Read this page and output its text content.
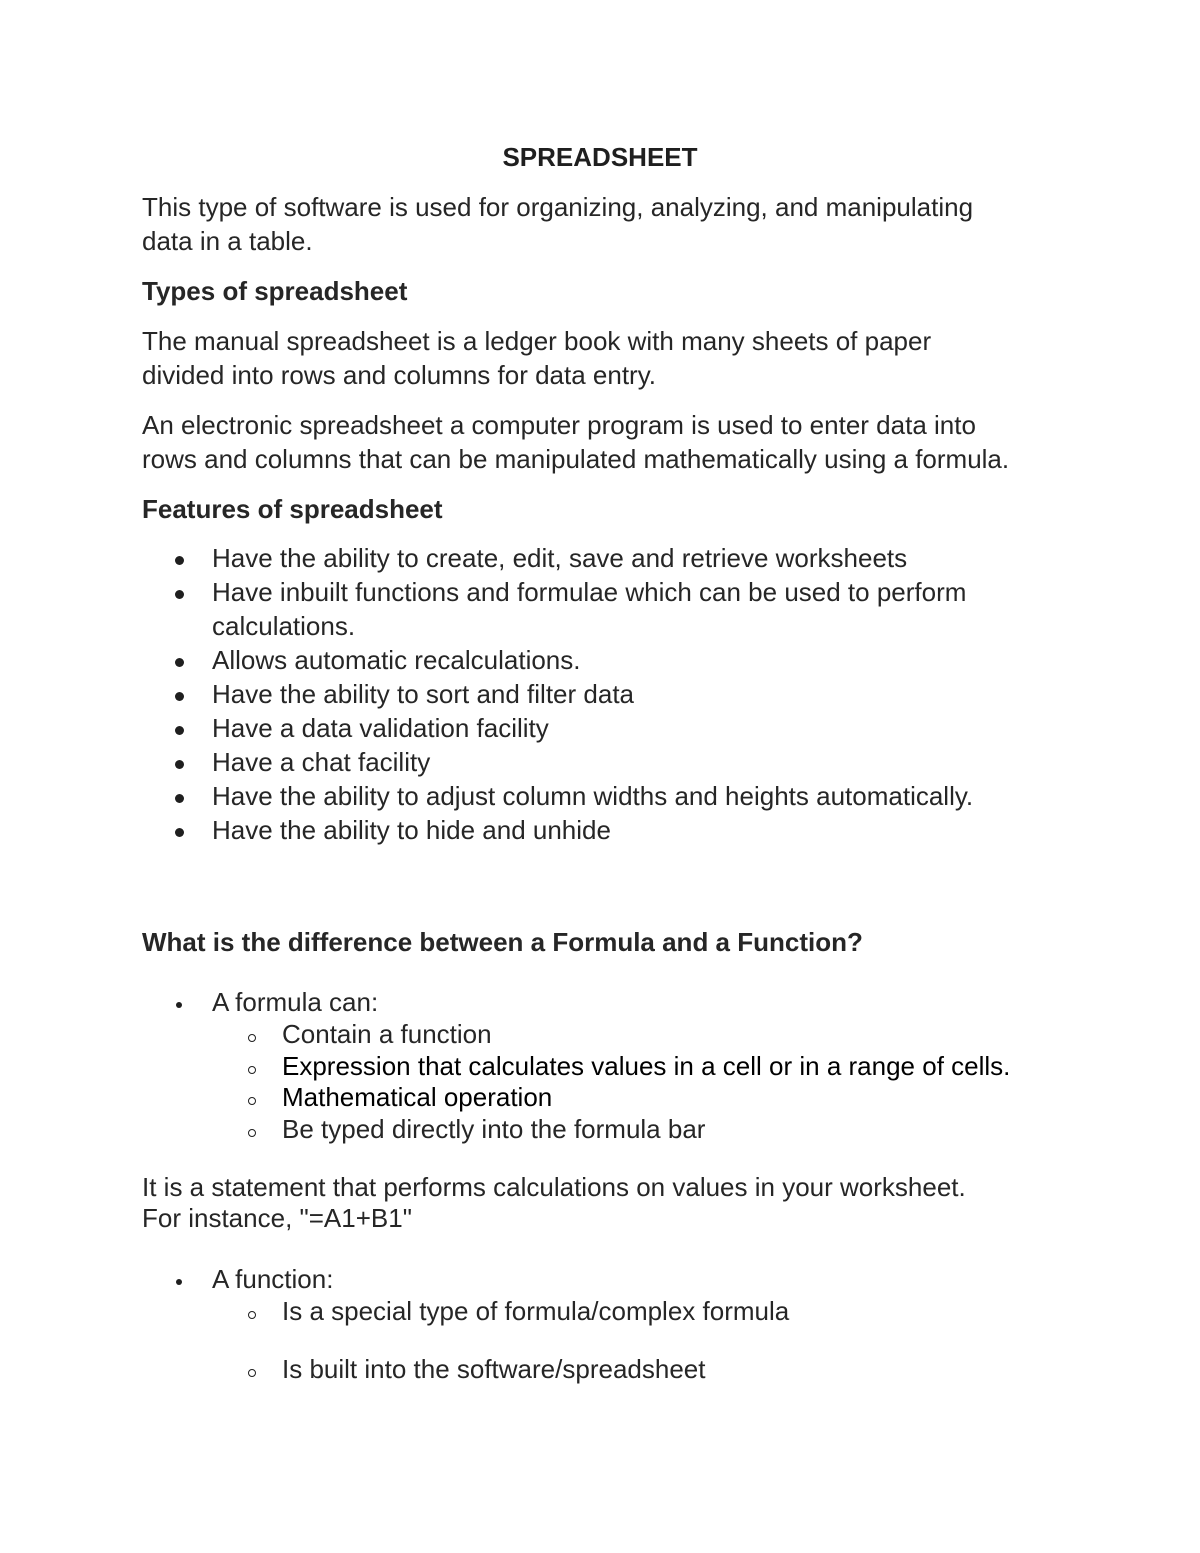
SPREADSHEET
This type of software is used for organizing, analyzing, and manipulating
data in a table.
Types of spreadsheet
The manual spreadsheet is a ledger book with many sheets of paper
divided into rows and columns for data entry.
An electronic spreadsheet a computer program is used to enter data into
rows and columns that can be manipulated mathematically using a formula.
Features of spreadsheet
Have the ability to create, edit, save and retrieve worksheets
Have inbuilt functions and formulae which can be used to perform
calculations.
Allows automatic recalculations.
Have the ability to sort and filter data
Have a data validation facility
Have a chat facility
Have the ability to adjust column widths and heights automatically.
Have the ability to hide and unhide
What is the difference between a Formula and a Function?
A formula can:
Contain a function
Expression that calculates values in a cell or in a range of cells.
Mathematical operation
Be typed directly into the formula bar
It is a statement that performs calculations on values in your worksheet.
For instance, "=A1+B1"
A function:
Is a special type of formula/complex formula
Is built into the software/spreadsheet
